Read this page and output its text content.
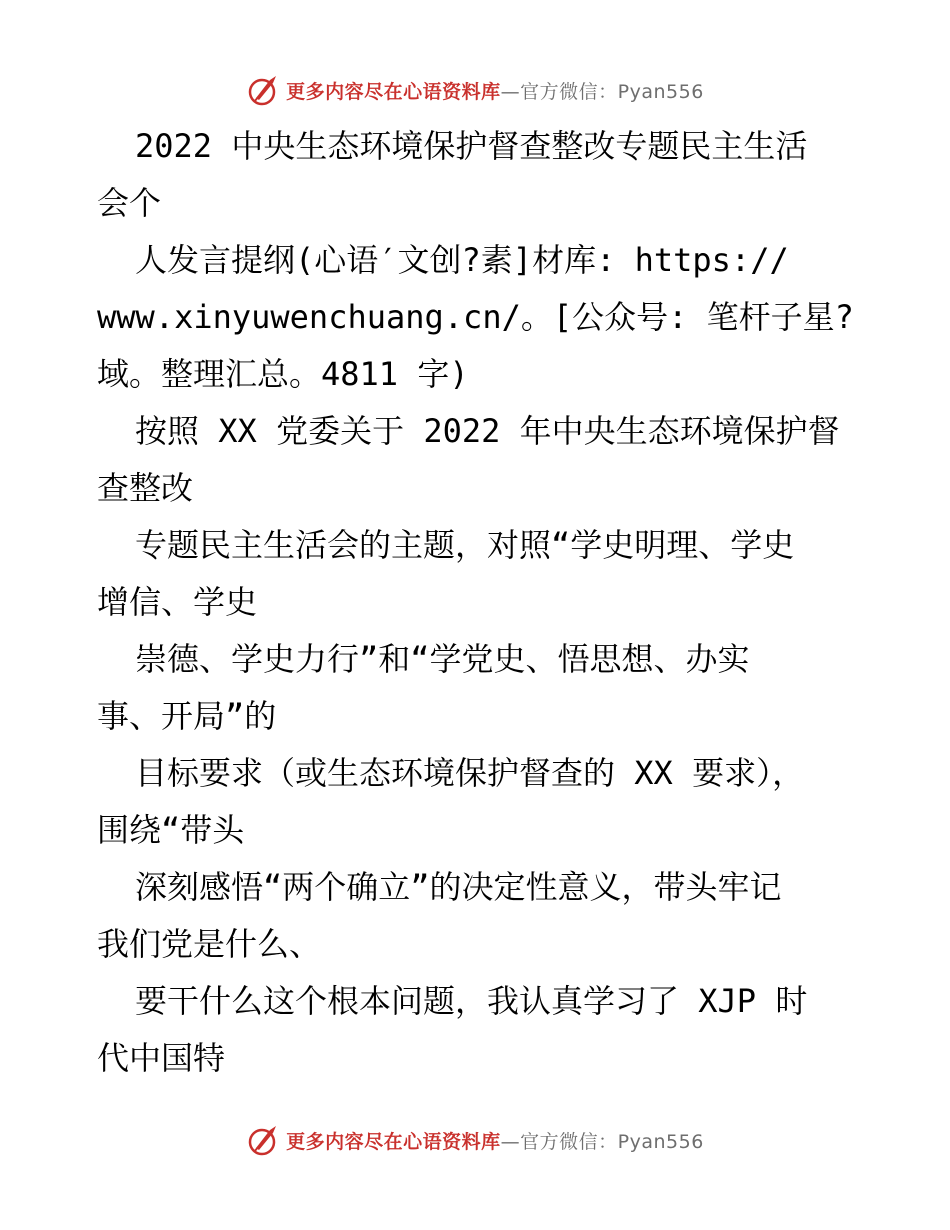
更多内容尽在心语资料库—官方微信：Pyan556
2022 中央生态环境保护督查整改专题民主生活
会个
人发言提纲(心语′文创?素]材库: https://
www.xinyuwenchuang.cn/。[公众号: 笔杆子星?
域。整理汇总。4811 字)
按照 XX 党委关于 2022 年中央生态环境保护督
查整改
专题民主生活会的主题，对照“学史明理、学史
增信、学史
崇德、学史力行”和“学党史、悟思想、办实
事、开局”的
目标要求（或生态环境保护督查的 XX 要求），
围绕“带头
深刻感悟“两个确立”的决定性意义，带头牢记
我们党是什么、
要干什么这个根本问题，我认真学习了 XJP 时
代中国特
更多内容尽在心语资料库—官方微信：Pyan556
